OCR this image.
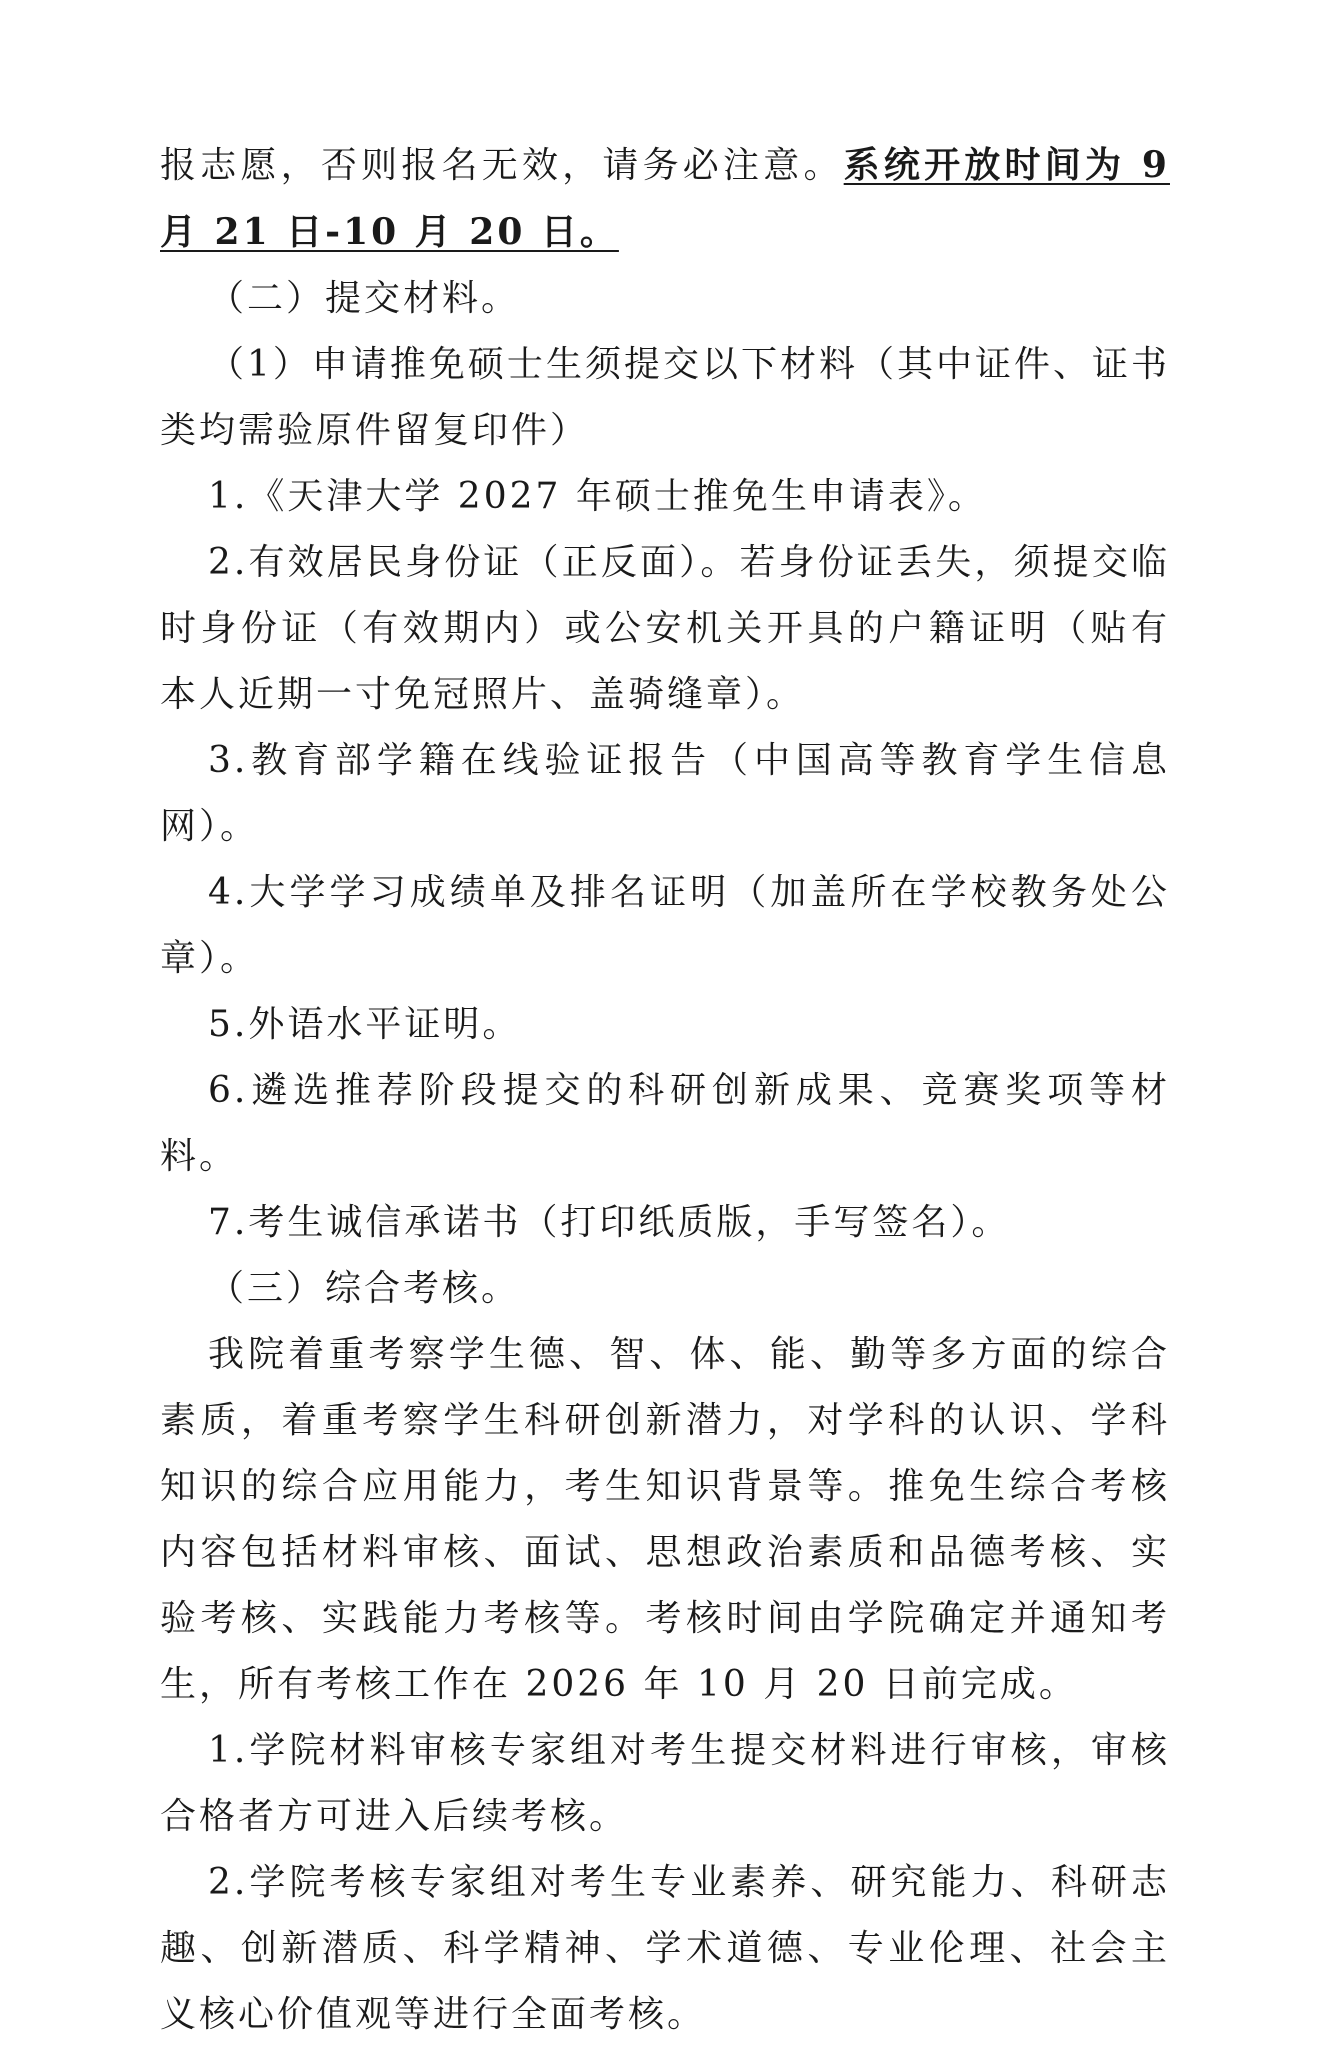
报志愿，否则报名无效，请务必注意。系统开放时间为 9 月 21 日-10 月 20 日。

（二）提交材料。

（1）申请推免硕士生须提交以下材料（其中证件、证书类均需验原件留复印件）

1.《天津大学 2027 年硕士推免生申请表》。

2.有效居民身份证（正反面）。若身份证丢失，须提交临时身份证（有效期内）或公安机关开具的户籍证明（贴有本人近期一寸免冠照片、盖骑缝章）。

3.教育部学籍在线验证报告（中国高等教育学生信息网）。

4.大学学习成绩单及排名证明（加盖所在学校教务处公章）。

5.外语水平证明。

6.遴选推荐阶段提交的科研创新成果、竞赛奖项等材料。

7.考生诚信承诺书（打印纸质版，手写签名）。

（三）综合考核。

我院着重考察学生德、智、体、能、勤等多方面的综合素质，着重考察学生科研创新潜力，对学科的认识、学科知识的综合应用能力，考生知识背景等。推免生综合考核内容包括材料审核、面试、思想政治素质和品德考核、实验考核、实践能力考核等。考核时间由学院确定并通知考生，所有考核工作在 2026 年 10 月 20 日前完成。

1.学院材料审核专家组对考生提交材料进行审核，审核合格者方可进入后续考核。

2.学院考核专家组对考生专业素养、研究能力、科研志趣、创新潜质、科学精神、学术道德、专业伦理、社会主义核心价值观等进行全面考核。
